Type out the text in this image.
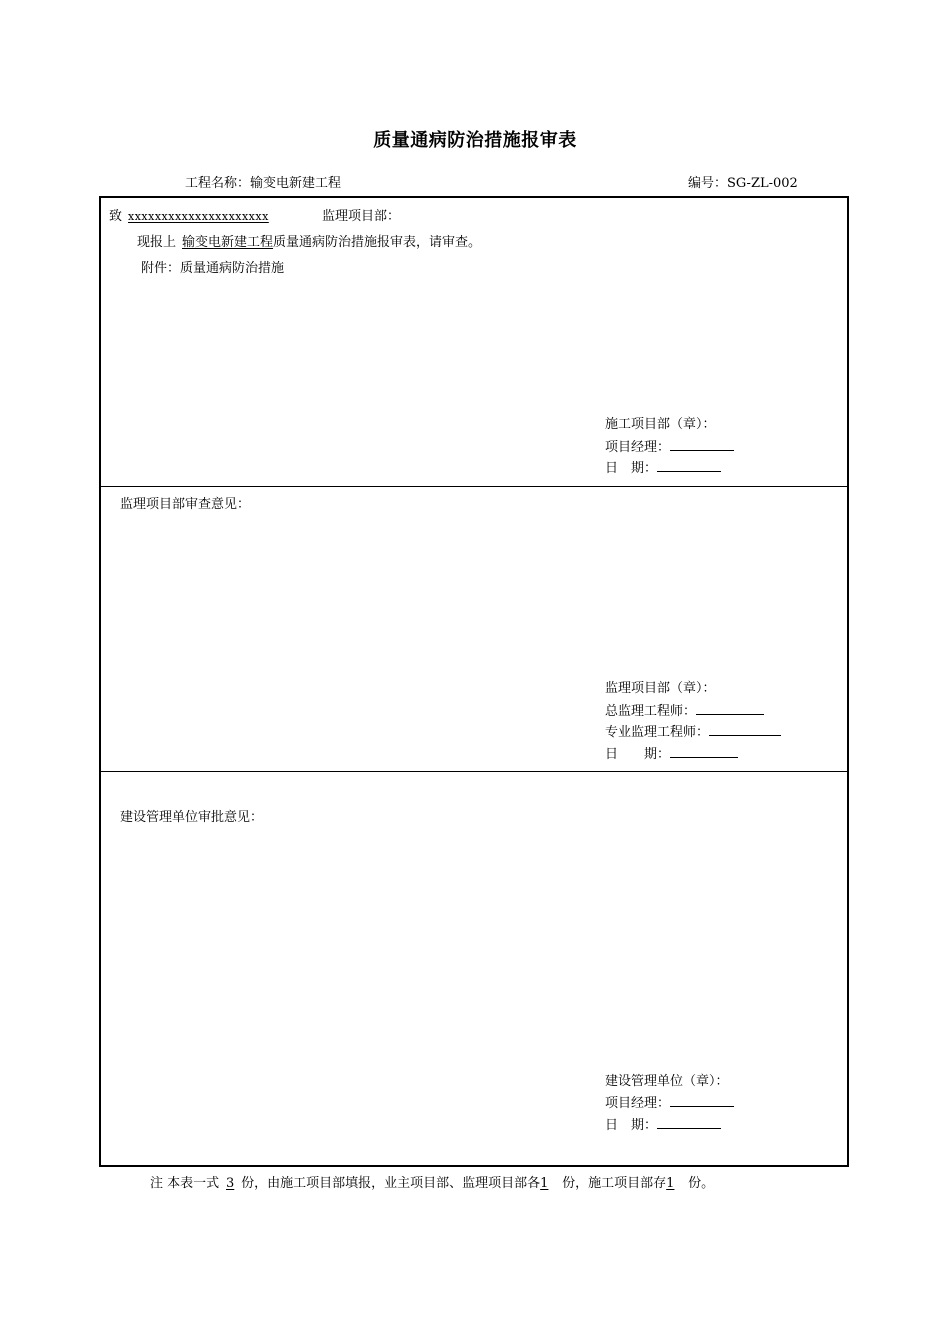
质量通病防治措施报审表
工程名称：输变电新建工程	编号：SG-ZL-002
致 xxxxxxxxxxxxxxxxxxxxx	监理项目部：
现报上 输变电新建工程质量通病防治措施报审表，请审查。
附件：质量通病防治措施
施工项目部（章）：
项目经理：
日　期：
监理项目部审查意见：
监理项目部（章）：
总监理工程师：
专业监理工程师：
日　　期：
建设管理单位审批意见：
建设管理单位（章）：
项目经理：
日　期：
注 本表一式 3 份，由施工项目部填报，业主项目部、监理项目部各1 份，施工项目部存1 份。
